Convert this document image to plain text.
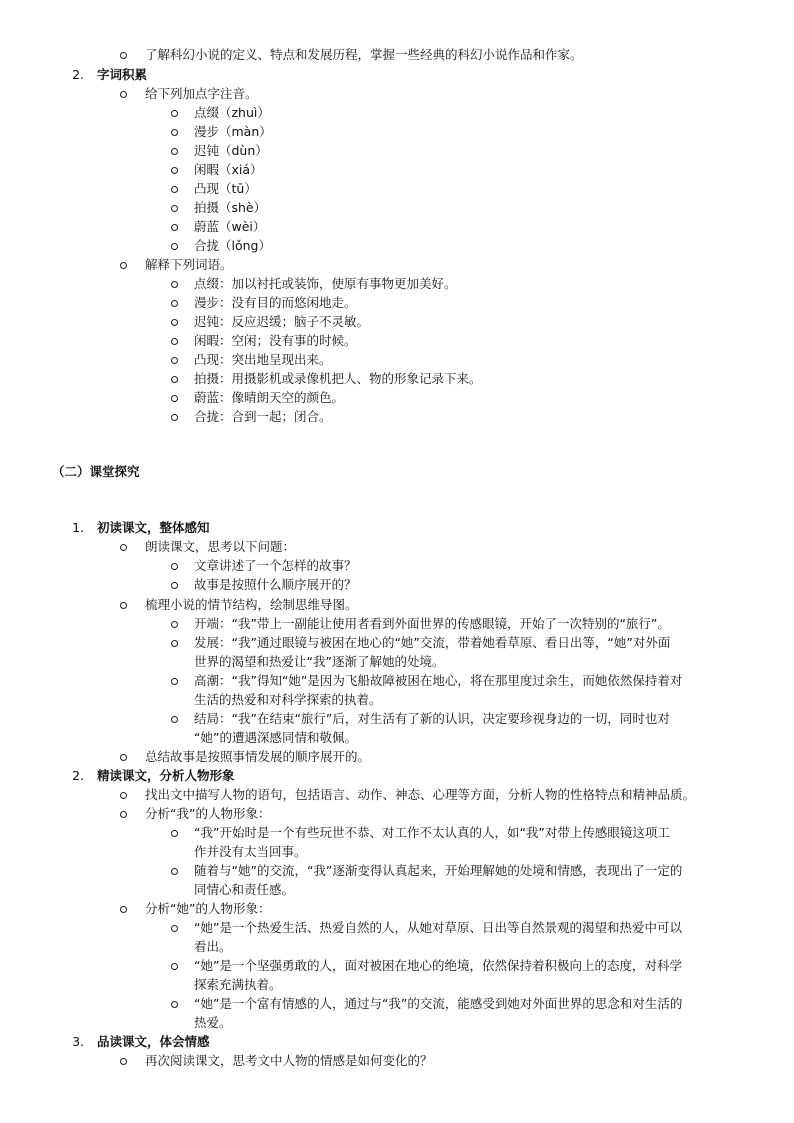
了解科幻小说的定义、特点和发展历程，掌握一些经典的科幻小说作品和作家。
2. 字词积累
给下列加点字注音。
点缀（zhuì）
漫步（màn）
迟钝（dùn）
闲暇（xiá）
凸现（tū）
拍摄（shè）
蔚蓝（wèi）
合拢（lǒng）
解释下列词语。
点缀：加以衬托或装饰，使原有事物更加美好。
漫步：没有目的而悠闲地走。
迟钝：反应迟缓；脑子不灵敏。
闲暇：空闲；没有事的时候。
凸现：突出地呈现出来。
拍摄：用摄影机或录像机把人、物的形象记录下来。
蔚蓝：像晴朗天空的颜色。
合拢：合到一起；闭合。
（二）课堂探究
1. 初读课文，整体感知
朗读课文，思考以下问题：
文章讲述了一个怎样的故事？
故事是按照什么顺序展开的？
梳理小说的情节结构，绘制思维导图。
开端：“我”带上一副能让使用者看到外面世界的传感眼镜，开始了一次特别的“旅行”。
发展：“我”通过眼镜与被困在地心的“她”交流，带着她看草原、看日出等，“她”对外面
世界的渴望和热爱让“我”逐渐了解她的处境。
高潮：“我”得知“她”是因为飞船故障被困在地心，将在那里度过余生，而她依然保持着对
生活的热爱和对科学探索的执着。
结局：“我”在结束“旅行”后，对生活有了新的认识，决定要珍视身边的一切，同时也对
“她”的遭遇深感同情和敬佩。
总结故事是按照事情发展的顺序展开的。
2. 精读课文，分析人物形象
找出文中描写人物的语句，包括语言、动作、神态、心理等方面，分析人物的性格特点和精神品质。
分析“我”的人物形象：
“我”开始时是一个有些玩世不恭、对工作不太认真的人，如“我”对带上传感眼镜这项工
作并没有太当回事。
随着与“她”的交流，“我”逐渐变得认真起来，开始理解她的处境和情感，表现出了一定的
同情心和责任感。
分析“她”的人物形象：
“她”是一个热爱生活、热爱自然的人，从她对草原、日出等自然景观的渴望和热爱中可以
看出。
“她”是一个坚强勇敢的人，面对被困在地心的绝境，依然保持着积极向上的态度，对科学
探索充满执着。
“她”是一个富有情感的人，通过与“我”的交流，能感受到她对外面世界的思念和对生活的
热爱。
3. 品读课文，体会情感
再次阅读课文，思考文中人物的情感是如何变化的？
